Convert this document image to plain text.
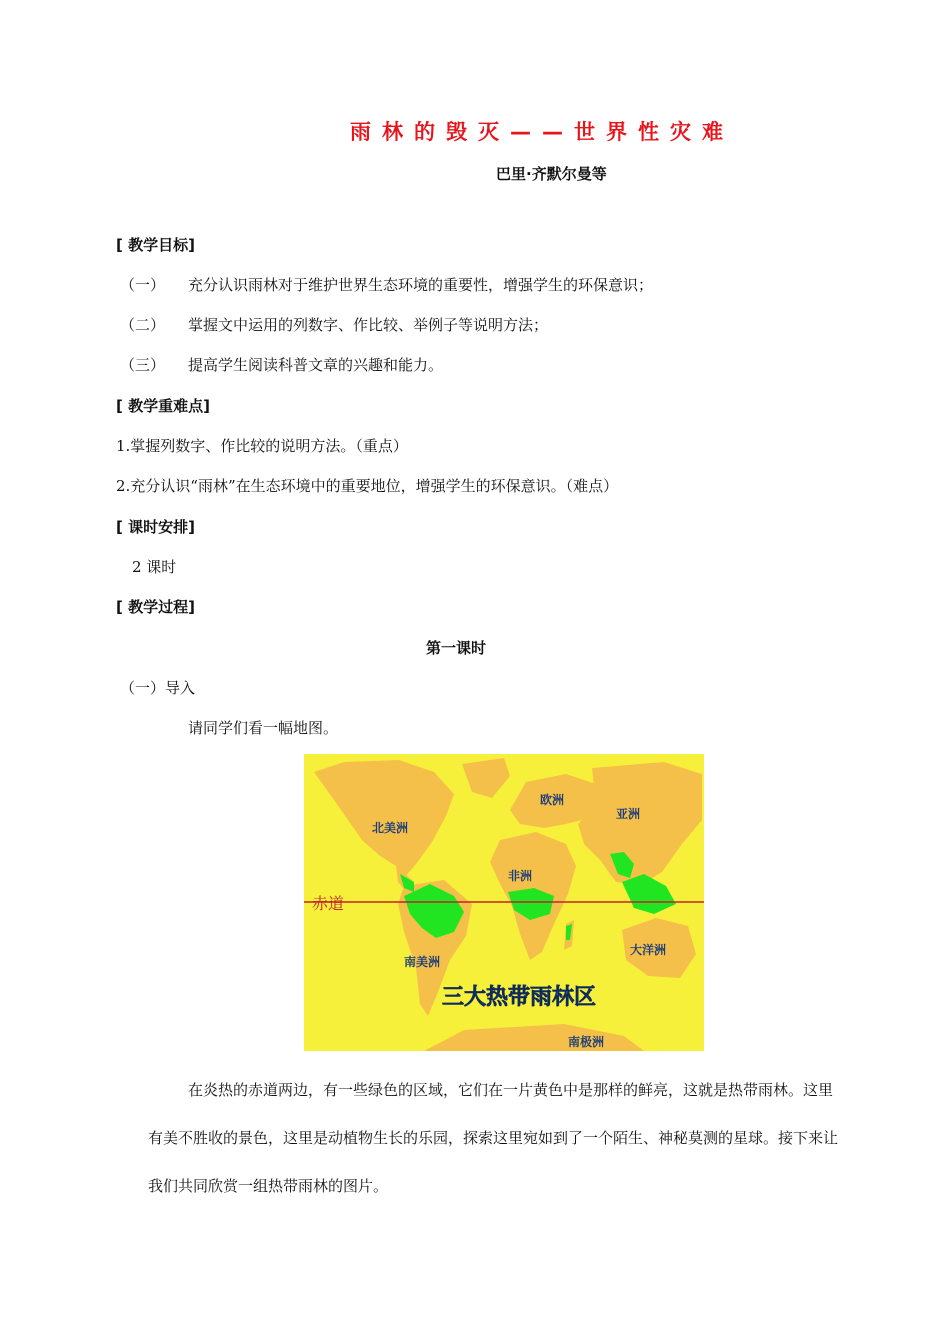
雨林的毁灭——世界性灾难
巴里·齐默尔曼等
[ 教学目标]
（一） 充分认识雨林对于维护世界生态环境的重要性，增强学生的环保意识；
（二） 掌握文中运用的列数字、作比较、举例子等说明方法；
（三） 提高学生阅读科普文章的兴趣和能力。
[ 教学重难点]
1.掌握列数字、作比较的说明方法。（重点）
2.充分认识“雨林”在生态环境中的重要地位，增强学生的环保意识。（难点）
[ 课时安排]
2 课时
[ 教学过程]
第一课时
（一）导入
请同学们看一幅地图。
赤道
北美洲
欧洲
亚洲
非洲
大洋洲
南美洲
南极洲
三大热带雨林区
在炎热的赤道两边，有一些绿色的区域，它们在一片黄色中是那样的鲜亮，这就是热带雨林。这里有美不胜收的景色，这里是动植物生长的乐园，探索这里宛如到了一个陌生、神秘莫测的星球。接下来让我们共同欣赏一组热带雨林的图片。
